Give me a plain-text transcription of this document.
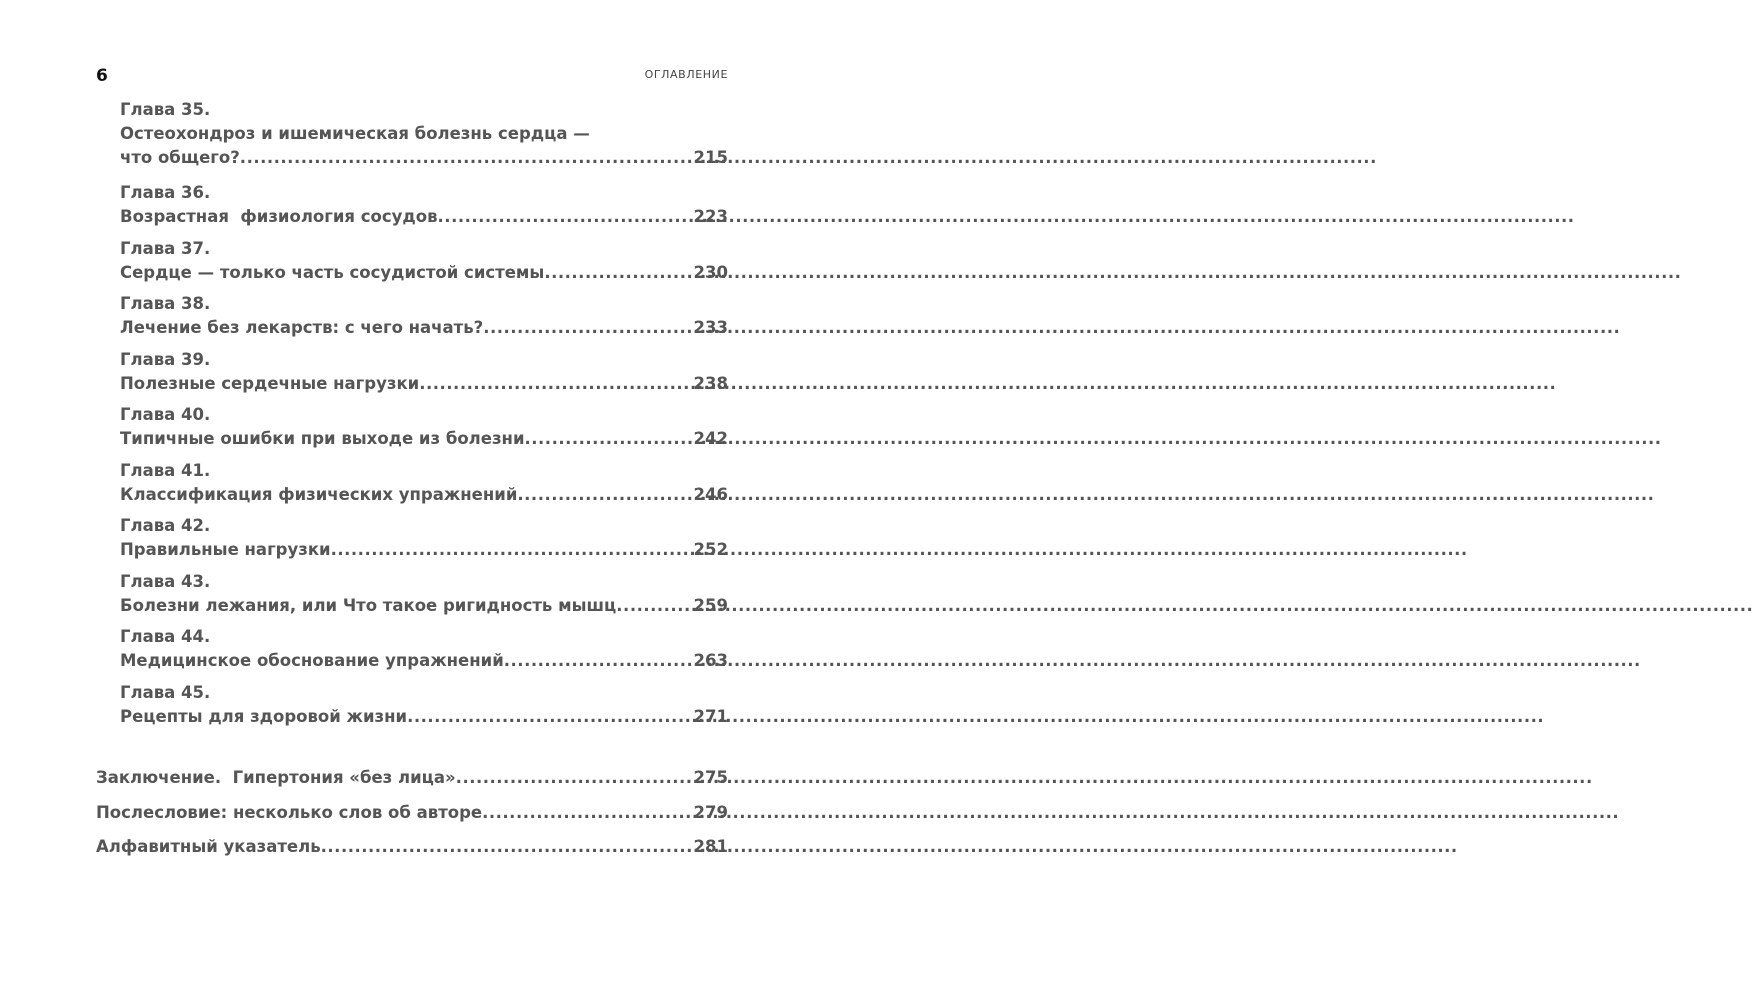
6	ОГЛАВЛЕНИЕ
Глава 35.
Остеохондроз и ишемическая болезнь сердца —
что общего? .....	215
Глава 36.
Возрастная  физиология сосудов .....	223
Глава 37.
Сердце — только часть сосудистой системы .....	230
Глава 38.
Лечение без лекарств: с чего начать? .....	233
Глава 39.
Полезные сердечные нагрузки .....	238
Глава 40.
Типичные ошибки при выходе из болезни .....	242
Глава 41.
Классификация физических упражнений .....	246
Глава 42.
Правильные нагрузки .....	252
Глава 43.
Болезни лежания, или Что такое ригидность мышц .....	259
Глава 44.
Медицинское обоснование упражнений .....	263
Глава 45.
Рецепты для здоровой жизни .....	271
Заключение.  Гипертония «без лица» .....	275
Послесловие: несколько слов об авторе .....	279
Алфавитный указатель .....	281
